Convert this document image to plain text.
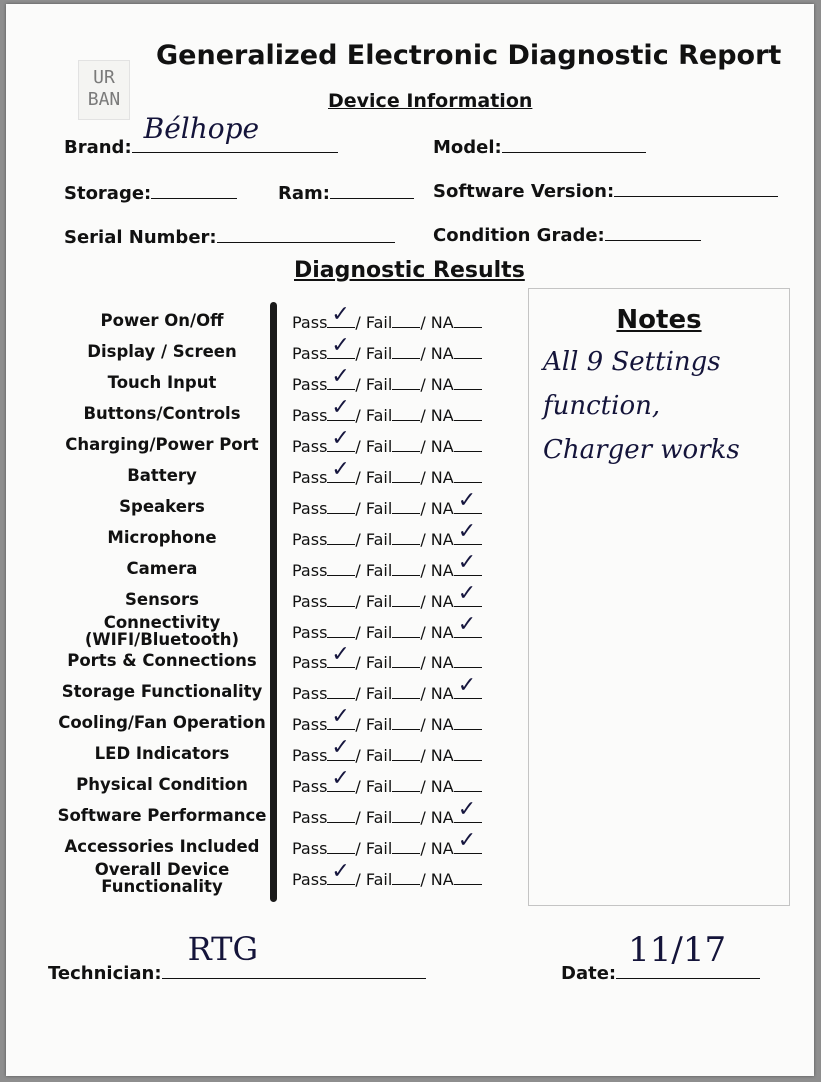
UR
BAN
Generalized Electronic Diagnostic Report
Device Information
Brand:
Bélhope
Model:
Storage:	Ram:	Software Version:
Serial Number:	Condition Grade:
Diagnostic Results
Power On/Off	Pass ✓ / Fail / NA
Display / Screen	Pass ✓ / Fail / NA
Touch Input	Pass ✓ / Fail / NA
Buttons/Controls	Pass ✓ / Fail / NA
Charging/Power Port	Pass ✓ / Fail / NA
Battery	Pass ✓ / Fail / NA
Speakers	Pass / Fail / NA ✓
Microphone	Pass / Fail / NA ✓
Camera	Pass / Fail / NA ✓
Sensors	Pass / Fail / NA ✓
Connectivity
(WIFI/Bluetooth)	Pass / Fail / NA ✓
Ports & Connections	Pass ✓ / Fail / NA
Storage Functionality	Pass / Fail / NA ✓
Cooling/Fan Operation	Pass ✓ / Fail / NA
LED Indicators	Pass ✓ / Fail / NA
Physical Condition	Pass ✓ / Fail / NA
Software Performance	Pass / Fail / NA ✓
Accessories Included	Pass / Fail / NA ✓
Overall Device
Functionality	Pass ✓ / Fail / NA
Notes
All 9 Settings
function,
Charger works
Technician:
RTG
Date:
11/17
